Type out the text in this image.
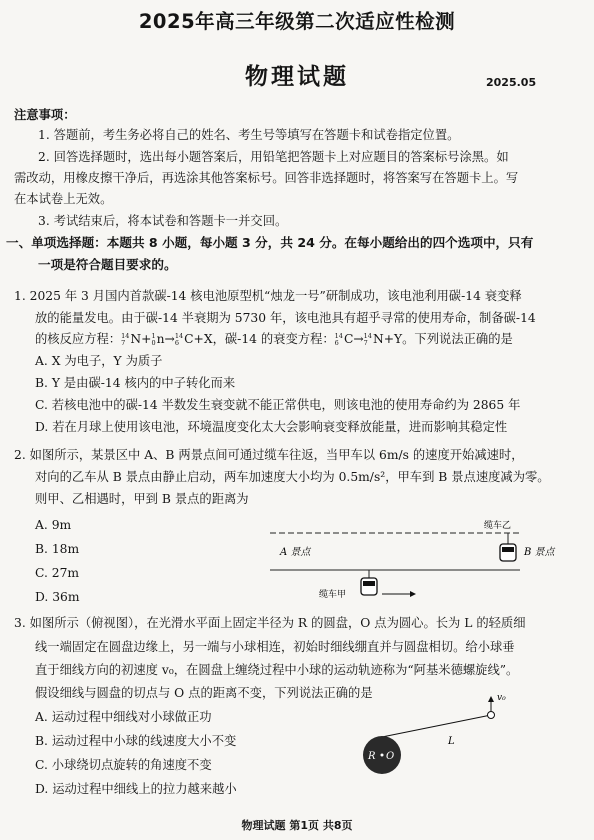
2025年高三年级第二次适应性检测
物理试题	2025.05
注意事项：
1. 答题前，考生务必将自己的姓名、考生号等填写在答题卡和试卷指定位置。
2. 回答选择题时，选出每小题答案后，用铅笔把答题卡上对应题目的答案标号涂黑。如
需改动，用橡皮擦干净后，再选涂其他答案标号。回答非选择题时，将答案写在答题卡上。写
在本试卷上无效。
3. 考试结束后，将本试卷和答题卡一并交回。
一、单项选择题：本题共 8 小题，每小题 3 分，共 24 分。在每小题给出的四个选项中，只有
一项是符合题目要求的。
1. 2025 年 3 月国内首款碳-14 核电池原型机“烛龙一号”研制成功，该电池利用碳-14 衰变释
放的能量发电。由于碳-14 半衰期为 5730 年，该电池具有超乎寻常的使用寿命，制备碳-14
的核反应方程： 14
7 N+ 1
0 n→ 14
6 C+X，碳-14 的衰变方程： 14
6 C→ 14
7 N+Y。下列说法正确的是
A. X 为电子，Y 为质子
B. Y 是由碳-14 核内的中子转化而来
C. 若核电池中的碳-14 半数发生衰变就不能正常供电，则该电池的使用寿命约为 2865 年
D. 若在月球上使用该电池，环境温度变化太大会影响衰变释放能量，进而影响其稳定性
2. 如图所示，某景区中 A、B 两景点间可通过缆车往返，当甲车以 6m/s 的速度开始减速时，
对向的乙车从 B 景点由静止启动，两车加速度大小均为 0.5m/s²，甲车到 B 景点速度减为零。
则甲、乙相遇时，甲到 B 景点的距离为
A. 9m
B. 18m
C. 27m
D. 36m
A 景点	B 景点
缆车乙
缆车甲
3. 如图所示（俯视图），在光滑水平面上固定半径为 R 的圆盘，O 点为圆心。长为 L 的轻质细
线一端固定在圆盘边缘上，另一端与小球相连，初始时细线绷直并与圆盘相切。给小球垂
直于细线方向的初速度 v₀，在圆盘上缠绕过程中小球的运动轨迹称为“阿基米德螺旋线”。
假设细线与圆盘的切点与 O 点的距离不变，下列说法正确的是
A. 运动过程中细线对小球做正功
B. 运动过程中小球的线速度大小不变
C. 小球绕切点旋转的角速度不变
D. 运动过程中细线上的拉力越来越小
R O
L
v₀
物理试题 第1页 共8页
